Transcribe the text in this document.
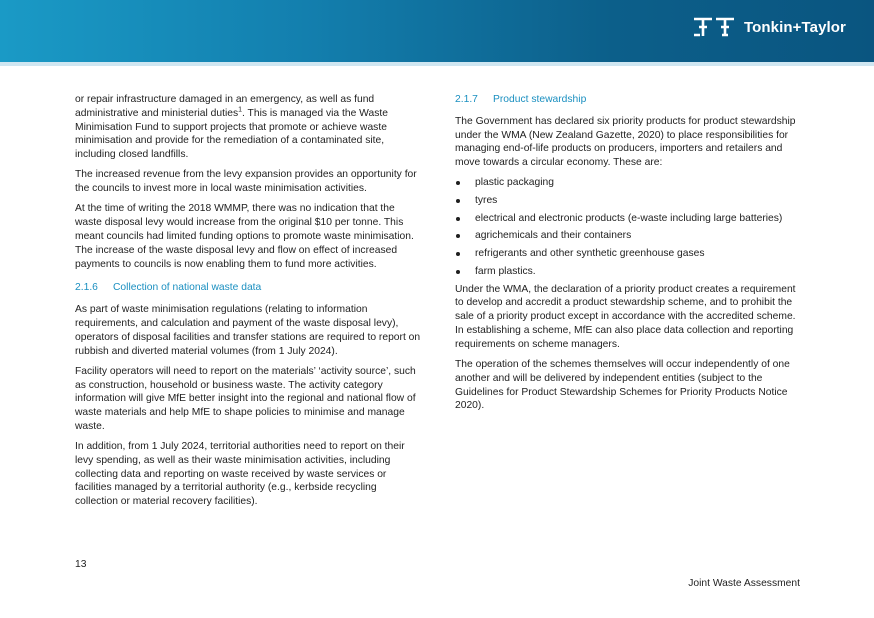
Tonkin+Taylor

or repair infrastructure damaged in an emergency, as well as fund administrative and ministerial duties$^1$. This is managed via the Waste Minimisation Fund to support projects that promote or achieve waste minimisation and provide for the remediation of a contaminated site, including closed landfills.

The increased revenue from the levy expansion provides an opportunity for the councils to invest more in local waste minimisation activities.

At the time of writing the 2018 WMMP, there was no indication that the waste disposal levy would increase from the original $10 per tonne. This meant councils had limited funding options to promote waste minimisation. The increase of the waste disposal levy and flow on effect of increased payments to councils is now enabling them to fund more activities.

2.1.6 Collection of national waste data

As part of waste minimisation regulations (relating to information requirements, and calculation and payment of the waste disposal levy), operators of disposal facilities and transfer stations are required to report on rubbish and diverted material volumes (from 1 July 2024).

Facility operators will need to report on the materials’ ‘activity source’, such as construction, household or business waste. The activity category information will give MfE better insight into the regional and national flow of waste materials and help MfE to shape policies to minimise and manage waste.

In addition, from 1 July 2024, territorial authorities need to report on their levy spending, as well as their waste minimisation activities, including collecting data and reporting on waste received by waste services or facilities managed by a territorial authority (e.g., kerbside recycling collection or material recovery facilities).

2.1.7 Product stewardship

The Government has declared six priority products for product stewardship under the WMA (New Zealand Gazette, 2020) to place responsibilities for managing end-of-life products on producers, importers and retailers and move towards a circular economy. These are:

plastic packaging
tyres
electrical and electronic products (e-waste including large batteries)
agrichemicals and their containers
refrigerants and other synthetic greenhouse gases
farm plastics.

Under the WMA, the declaration of a priority product creates a requirement to develop and accredit a product stewardship scheme, and to prohibit the sale of a priority product except in accordance with the accredited scheme. In establishing a scheme, MfE can also place data collection and reporting requirements on scheme managers.

The operation of the schemes themselves will occur independently of one another and will be delivered by independent entities (subject to the Guidelines for Product Stewardship Schemes for Priority Products Notice 2020).

13
Joint Waste Assessment
